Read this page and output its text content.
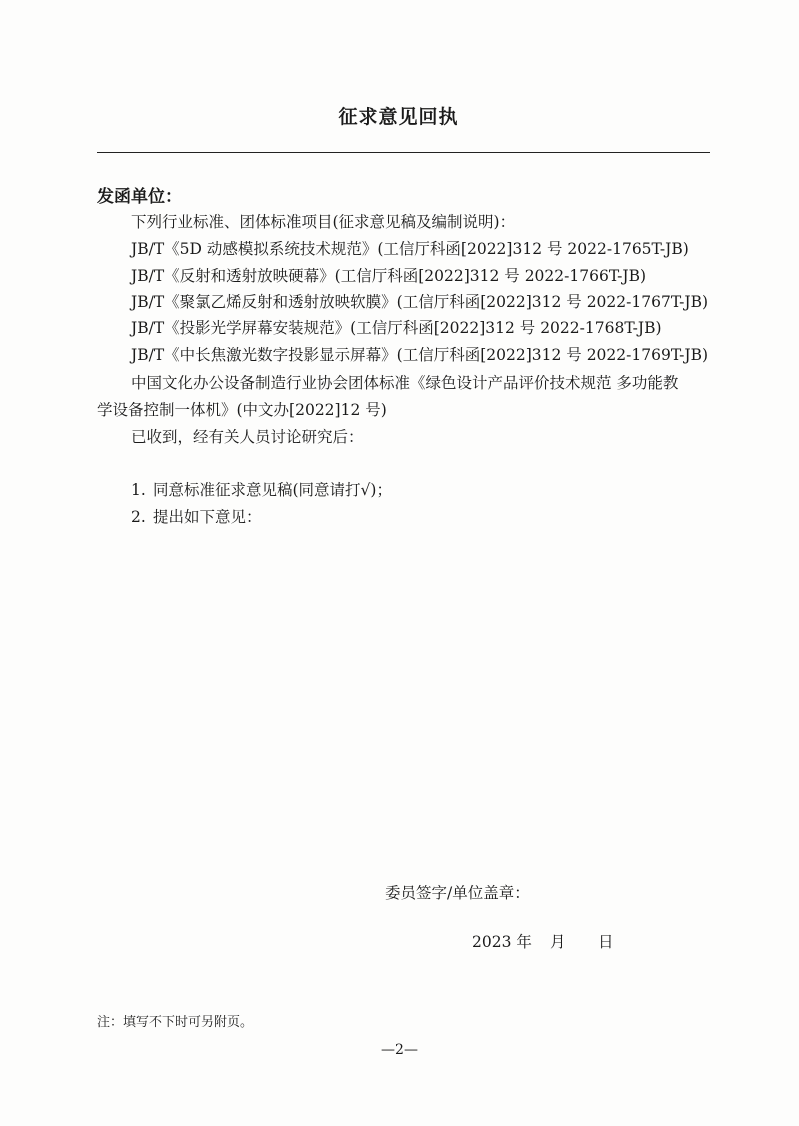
征求意见回执
发函单位：
下列行业标准、团体标准项目(征求意见稿及编制说明)：
JB/T《5D 动感模拟系统技术规范》(工信厅科函[2022]312 号 2022-1765T-JB)
JB/T《反射和透射放映硬幕》(工信厅科函[2022]312 号 2022-1766T-JB)
JB/T《聚氯乙烯反射和透射放映软膜》(工信厅科函[2022]312 号 2022-1767T-JB)
JB/T《投影光学屏幕安装规范》(工信厅科函[2022]312 号 2022-1768T-JB)
JB/T《中长焦激光数字投影显示屏幕》(工信厅科函[2022]312 号 2022-1769T-JB)
中国文化办公设备制造行业协会团体标准《绿色设计产品评价技术规范 多功能教
学设备控制一体机》(中文办[2022]12 号)
已收到，经有关人员讨论研究后：
1. 同意标准征求意见稿(同意请打√)；
2. 提出如下意见：
委员签字/单位盖章：
2023 年 月 日
注：填写不下时可另附页。
—2—
